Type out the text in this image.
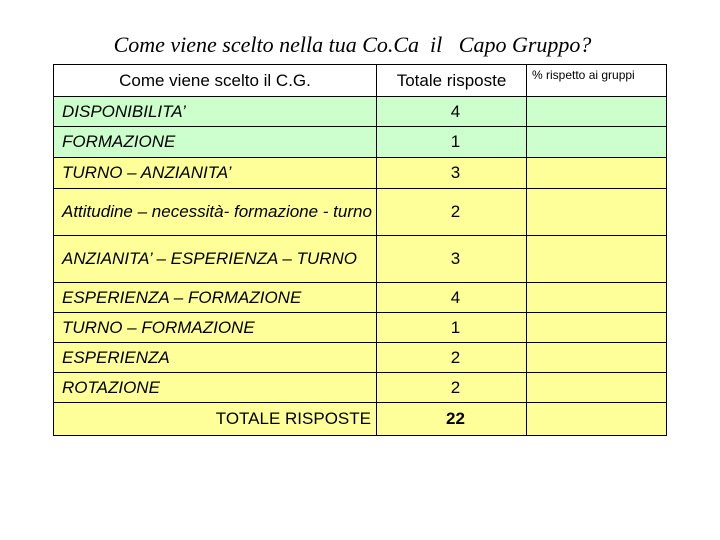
Come viene scelto nella tua Co.Ca  il   Capo Gruppo?
Come viene scelto il C.G.	Totale risposte	% rispetto ai gruppi
DISPONIBILITA’	4	
FORMAZIONE	1	
TURNO – ANZIANITA’	3	
Attitudine – necessità- formazione - turno	2	
ANZIANITA’ – ESPERIENZA – TURNO	3	
ESPERIENZA – FORMAZIONE	4	
TURNO – FORMAZIONE	1	
ESPERIENZA	2	
ROTAZIONE	2	
TOTALE RISPOSTE	22	
